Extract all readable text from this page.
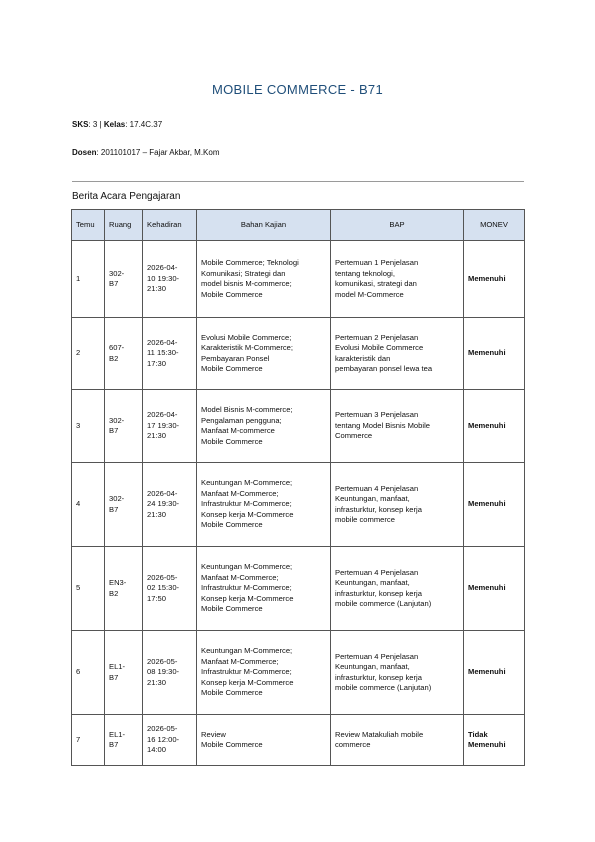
MOBILE COMMERCE - B71
SKS: 3 | Kelas: 17.4C.37
Dosen: 201101017 – Fajar Akbar, M.Kom
Berita Acara Pengajaran
Temu	Ruang	Kehadiran	Bahan Kajian	BAP	MONEV
1	302-
B7	2026-04-
10 19:30-
21:30	Mobile Commerce; Teknologi
Komunikasi; Strategi dan
model bisnis M-commerce;
Mobile Commerce	Pertemuan 1 Penjelasan
tentang teknologi,
komunikasi, strategi dan
model M-Commerce	Memenuhi
2	607-
B2	2026-04-
11 15:30-
17:30	Evolusi Mobile Commerce;
Karakteristik M-Commerce;
Pembayaran Ponsel
Mobile Commerce	Pertemuan 2 Penjelasan
Evolusi Mobile Commerce
karakteristik dan
pembayaran ponsel lewa tea	Memenuhi
3	302-
B7	2026-04-
17 19:30-
21:30	Model Bisnis M-commerce;
Pengalaman pengguna;
Manfaat M-commerce
Mobile Commerce	Pertemuan 3 Penjelasan
tentang Model Bisnis Mobile
Commerce	Memenuhi
4	302-
B7	2026-04-
24 19:30-
21:30	Keuntungan M-Commerce;
Manfaat M-Commerce;
Infrastruktur M-Commerce;
Konsep kerja M-Commerce
Mobile Commerce	Pertemuan 4 Penjelasan
Keuntungan, manfaat,
infrasturktur, konsep kerja
mobile commerce	Memenuhi
5	EN3-
B2	2026-05-
02 15:30-
17:50	Keuntungan M-Commerce;
Manfaat M-Commerce;
Infrastruktur M-Commerce;
Konsep kerja M-Commerce
Mobile Commerce	Pertemuan 4 Penjelasan
Keuntungan, manfaat,
infrasturktur, konsep kerja
mobile commerce (Lanjutan)	Memenuhi
6	EL1-
B7	2026-05-
08 19:30-
21:30	Keuntungan M-Commerce;
Manfaat M-Commerce;
Infrastruktur M-Commerce;
Konsep kerja M-Commerce
Mobile Commerce	Pertemuan 4 Penjelasan
Keuntungan, manfaat,
infrasturktur, konsep kerja
mobile commerce (Lanjutan)	Memenuhi
7	EL1-
B7	2026-05-
16 12:00-
14:00	Review
Mobile Commerce	Review Matakuliah mobile
commerce	Tidak
Memenuhi
